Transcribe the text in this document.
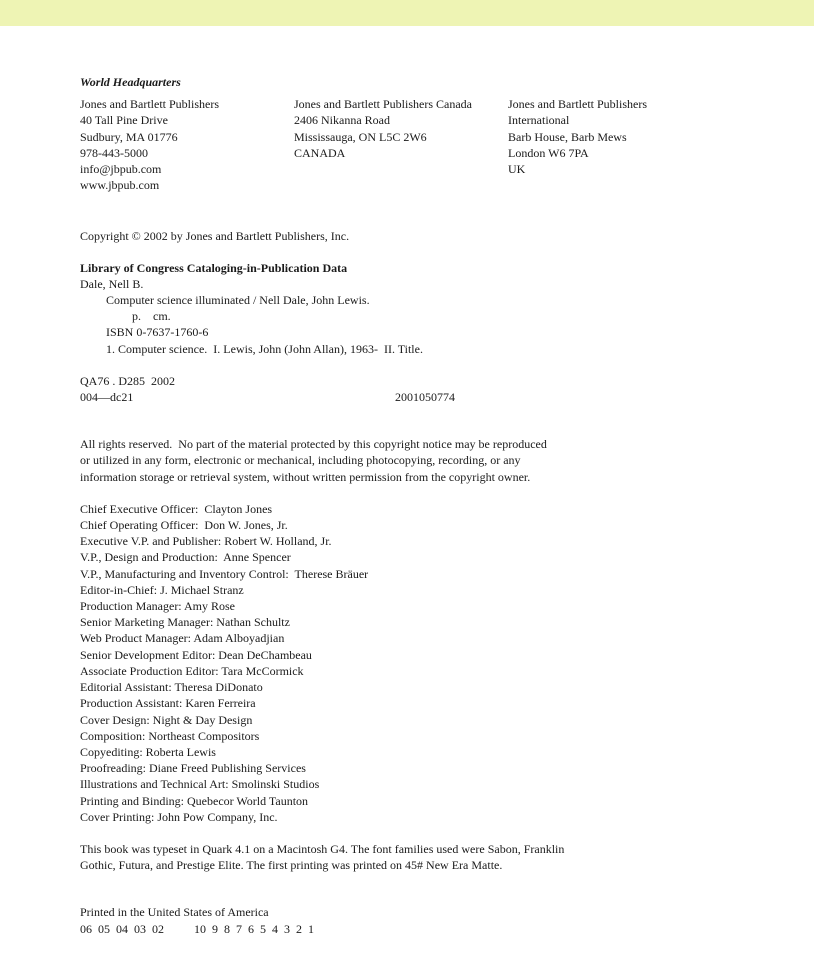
World Headquarters
Jones and Bartlett Publishers
40 Tall Pine Drive
Sudbury, MA 01776
978-443-5000
info@jbpub.com
www.jbpub.com
Jones and Bartlett Publishers Canada
2406 Nikanna Road
Mississauga, ON L5C 2W6
CANADA
Jones and Bartlett Publishers
International
Barb House, Barb Mews
London W6 7PA
UK
Copyright © 2002 by Jones and Bartlett Publishers, Inc.
Library of Congress Cataloging-in-Publication Data
Dale, Nell B.
Computer science illuminated / Nell Dale, John Lewis.
p.    cm.
ISBN 0-7637-1760-6
1. Computer science.  I. Lewis, John (John Allan), 1963-  II. Title.
QA76 . D285  2002
004—dc21	2001050774
All rights reserved.  No part of the material protected by this copyright notice may be reproduced
or utilized in any form, electronic or mechanical, including photocopying, recording, or any
information storage or retrieval system, without written permission from the copyright owner.
Chief Executive Officer:  Clayton Jones
Chief Operating Officer:  Don W. Jones, Jr.
Executive V.P. and Publisher: Robert W. Holland, Jr.
V.P., Design and Production:  Anne Spencer
V.P., Manufacturing and Inventory Control:  Therese Bräuer
Editor-in-Chief: J. Michael Stranz
Production Manager: Amy Rose
Senior Marketing Manager: Nathan Schultz
Web Product Manager: Adam Alboyadjian
Senior Development Editor: Dean DeChambeau
Associate Production Editor: Tara McCormick
Editorial Assistant: Theresa DiDonato
Production Assistant: Karen Ferreira
Cover Design: Night & Day Design
Composition: Northeast Compositors
Copyediting: Roberta Lewis
Proofreading: Diane Freed Publishing Services
Illustrations and Technical Art: Smolinski Studios
Printing and Binding: Quebecor World Taunton
Cover Printing: John Pow Company, Inc.
This book was typeset in Quark 4.1 on a Macintosh G4. The font families used were Sabon, Franklin
Gothic, Futura, and Prestige Elite. The first printing was printed on 45# New Era Matte.
Printed in the United States of America
06  05  04  03  02          10  9  8  7  6  5  4  3  2  1
